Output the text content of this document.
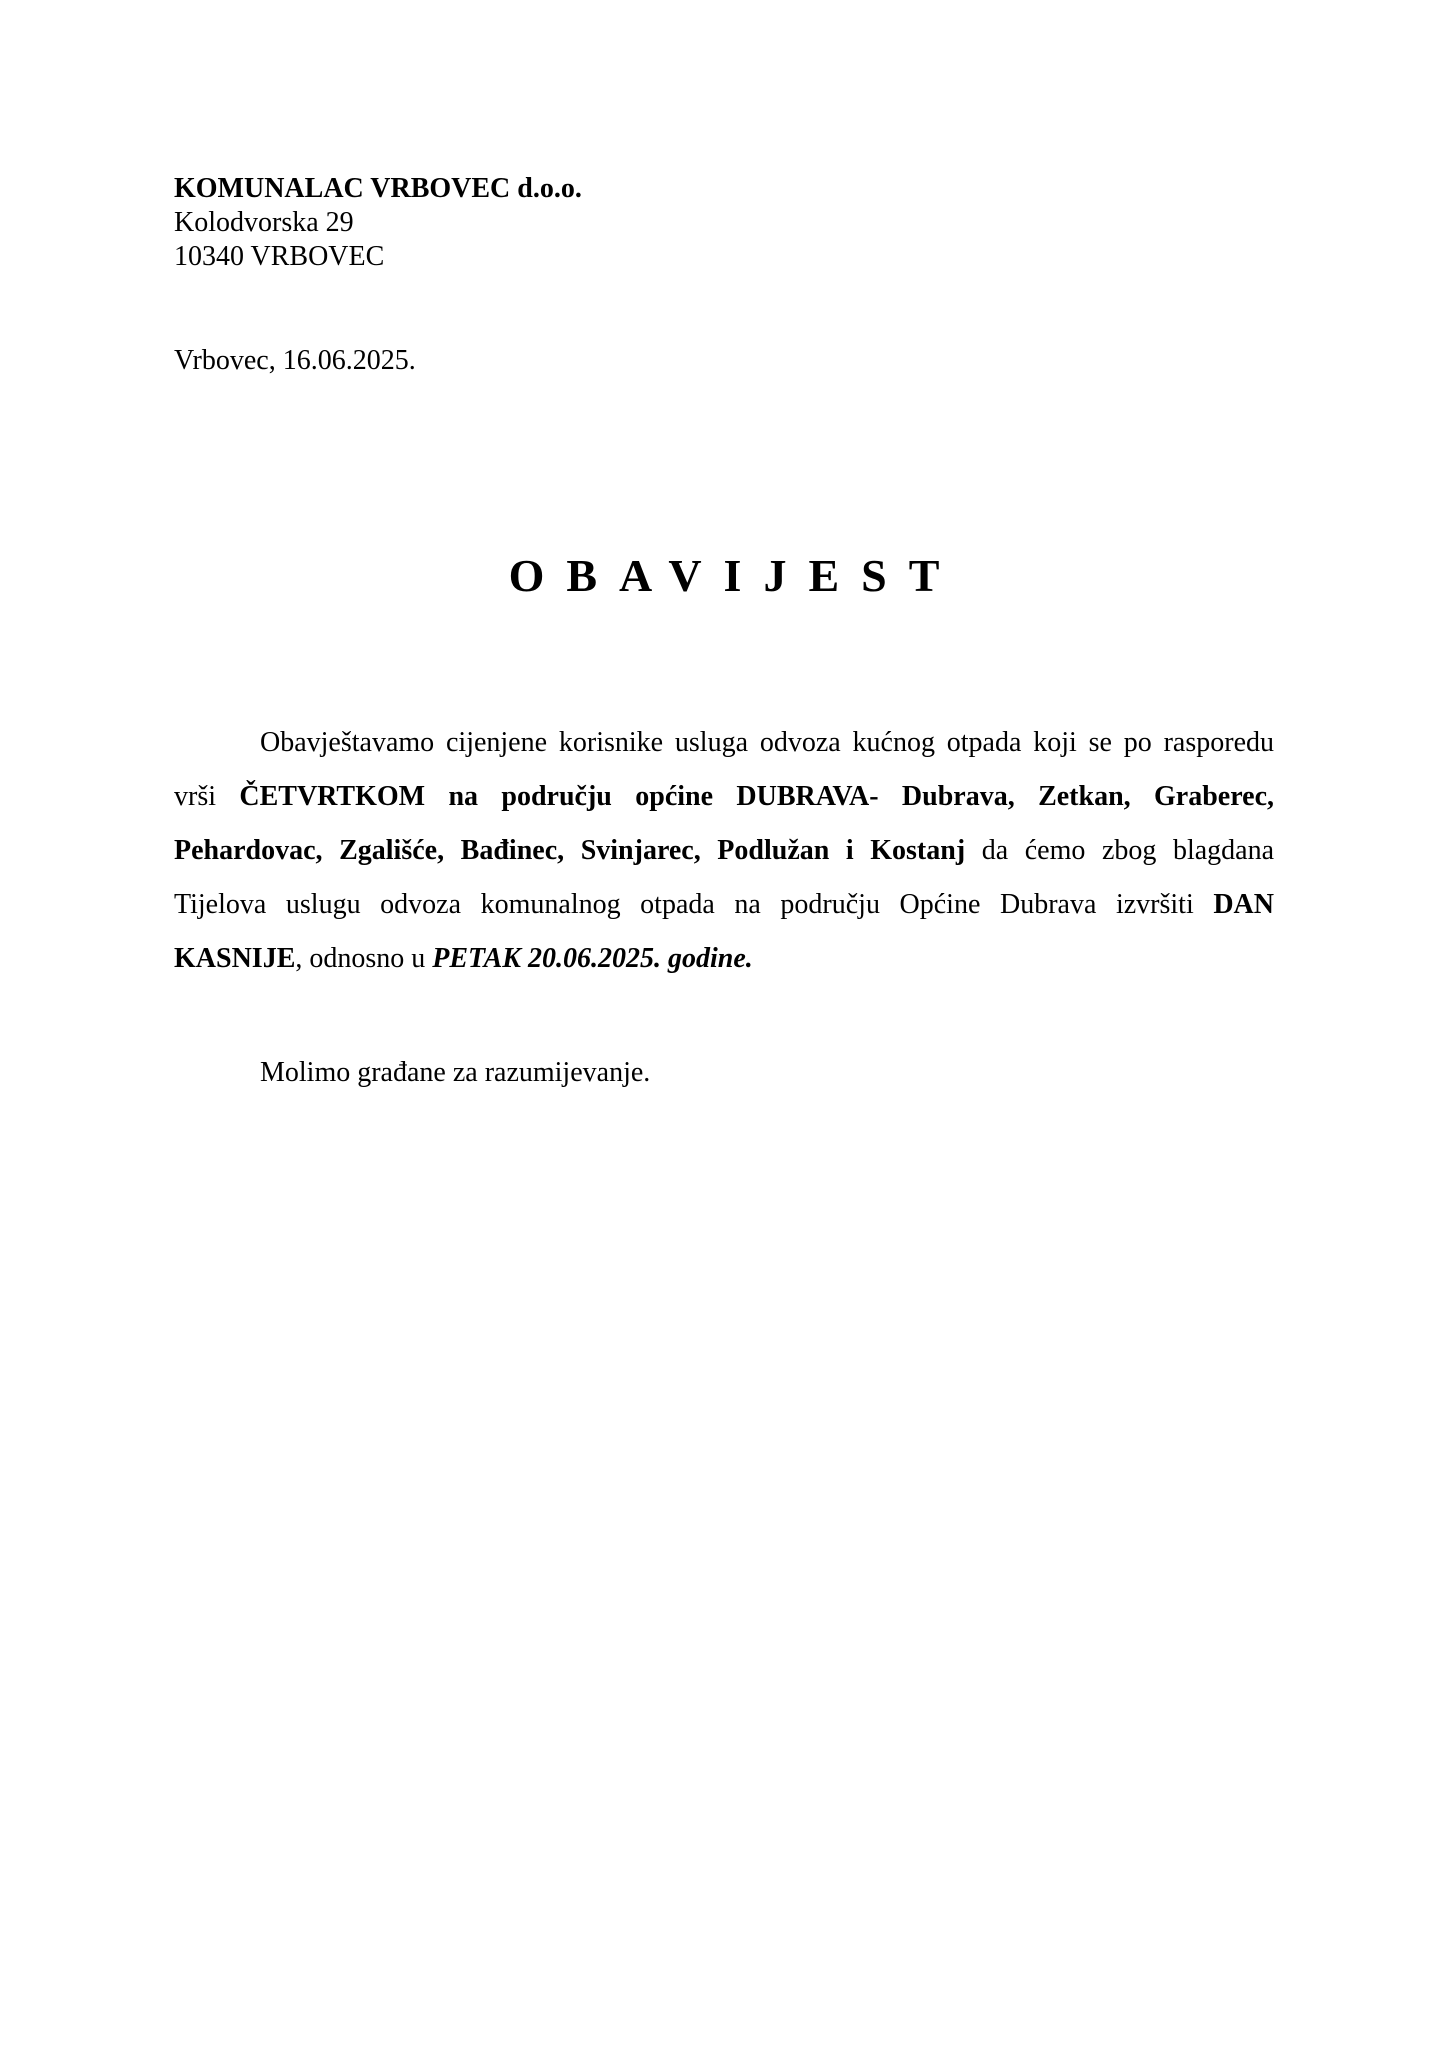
KOMUNALAC VRBOVEC d.o.o.
Kolodvorska 29
10340 VRBOVEC
Vrbovec, 16.06.2025.
OBAVIJEST
Obavještavamo cijenjene korisnike usluga odvoza kućnog otpada koji se po rasporedu
vrši ČETVRTKOM na području općine DUBRAVA- Dubrava, Zetkan, Graberec,
Pehardovac, Zgališće, Bađinec, Svinjarec, Podlužan i Kostanj da ćemo zbog blagdana
Tijelova uslugu odvoza komunalnog otpada na području Općine Dubrava izvršiti DAN
KASNIJE, odnosno u PETAK 20.06.2025. godine.
Molimo građane za razumijevanje.
